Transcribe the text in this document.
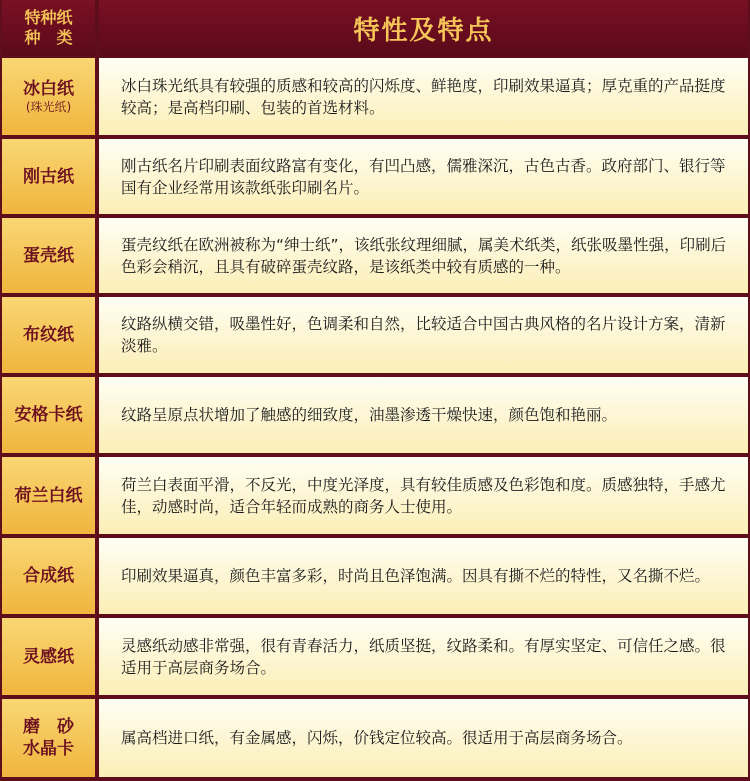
特种纸
种　类	特性及特点
冰白纸
(珠光纸)
冰白珠光纸具有较强的质感和较高的闪烁度、鲜艳度，印刷效果逼真；厚克重的产品挺度较高；是高档印刷、包装的首选材料。
刚古纸
刚古纸名片印刷表面纹路富有变化，有凹凸感，儒雅深沉，古色古香。政府部门、银行等国有企业经常用该款纸张印刷名片。
蛋壳纸
蛋壳纹纸在欧洲被称为“绅士纸”，该纸张纹理细腻，属美术纸类，纸张吸墨性强，印刷后色彩会稍沉，且具有破碎蛋壳纹路，是该纸类中较有质感的一种。
布纹纸
纹路纵横交错，吸墨性好，色调柔和自然，比较适合中国古典风格的名片设计方案，清新淡雅。
安格卡纸 纹路呈原点状增加了触感的细致度，油墨渗透干燥快速，颜色饱和艳丽。
荷兰白纸
荷兰白表面平滑，不反光，中度光泽度，具有较佳质感及色彩饱和度。质感独特，手感尤佳，动感时尚，适合年轻而成熟的商务人士使用。
合成纸	印刷效果逼真，颜色丰富多彩，时尚且色泽饱满。因具有撕不烂的特性，又名撕不烂。
灵感纸
灵感纸动感非常强，很有青春活力，纸质坚挺，纹路柔和。有厚实坚定、可信任之感。很适用于高层商务场合。
磨　砂
水晶卡
属高档进口纸，有金属感，闪烁，价钱定位较高。很适用于高层商务场合。
